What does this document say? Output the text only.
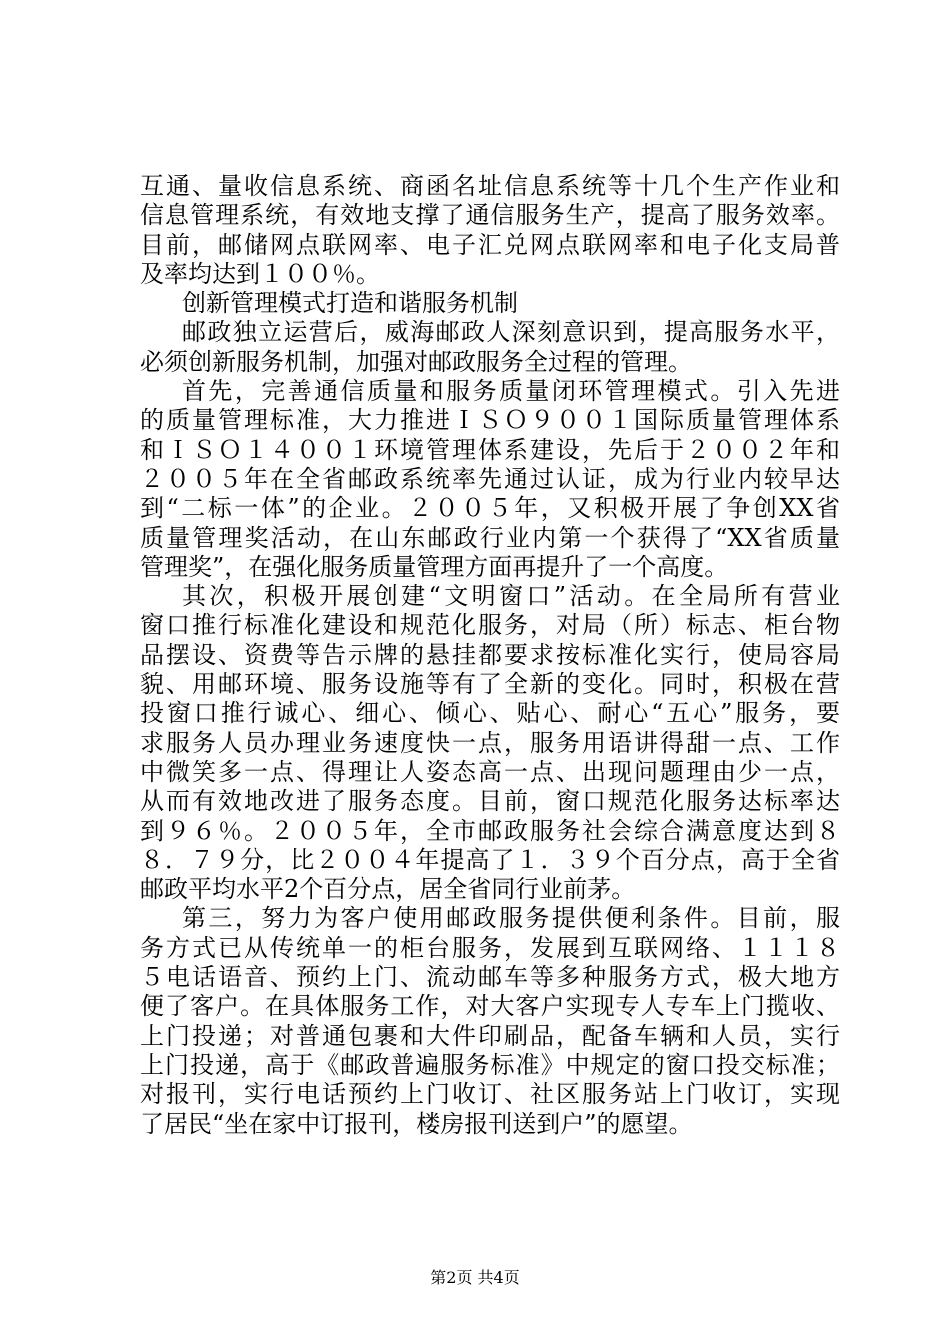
互通、量收信息系统、商函名址信息系统等十几个生产作业和
信息管理系统，有效地支撑了通信服务生产，提高了服务效率。
目前，邮储网点联网率、电子汇兑网点联网率和电子化支局普
及率均达到１００％。
创新管理模式打造和谐服务机制
邮政独立运营后，威海邮政人深刻意识到，提高服务水平，
必须创新服务机制，加强对邮政服务全过程的管理。
首先，完善通信质量和服务质量闭环管理模式。引入先进
的质量管理标准，大力推进ＩＳＯ９００１国际质量管理体系
和ＩＳＯ１４００１环境管理体系建设，先后于２００２年和
２００５年在全省邮政系统率先通过认证，成为行业内较早达
到“二标一体”的企业。２００５年，又积极开展了争创XX省
质量管理奖活动，在山东邮政行业内第一个获得了“XX省质量
管理奖”，在强化服务质量管理方面再提升了一个高度。
其次，积极开展创建“文明窗口”活动。在全局所有营业
窗口推行标准化建设和规范化服务，对局（所）标志、柜台物
品摆设、资费等告示牌的悬挂都要求按标准化实行，使局容局
貌、用邮环境、服务设施等有了全新的变化。同时，积极在营
投窗口推行诚心、细心、倾心、贴心、耐心“五心”服务，要
求服务人员办理业务速度快一点，服务用语讲得甜一点、工作
中微笑多一点、得理让人姿态高一点、出现问题理由少一点，
从而有效地改进了服务态度。目前，窗口规范化服务达标率达
到９６％。２００５年，全市邮政服务社会综合满意度达到８
８．７９分，比２００４年提高了１．３９个百分点，高于全省
邮政平均水平2个百分点，居全省同行业前茅。
第三，努力为客户使用邮政服务提供便利条件。目前，服
务方式已从传统单一的柜台服务，发展到互联网络、１１１８
５电话语音、预约上门、流动邮车等多种服务方式，极大地方
便了客户。在具体服务工作，对大客户实现专人专车上门揽收、
上门投递；对普通包裹和大件印刷品，配备车辆和人员，实行
上门投递，高于《邮政普遍服务标准》中规定的窗口投交标准；
对报刊，实行电话预约上门收订、社区服务站上门收订，实现
了居民“坐在家中订报刊，楼房报刊送到户”的愿望。
第2页 共4页
